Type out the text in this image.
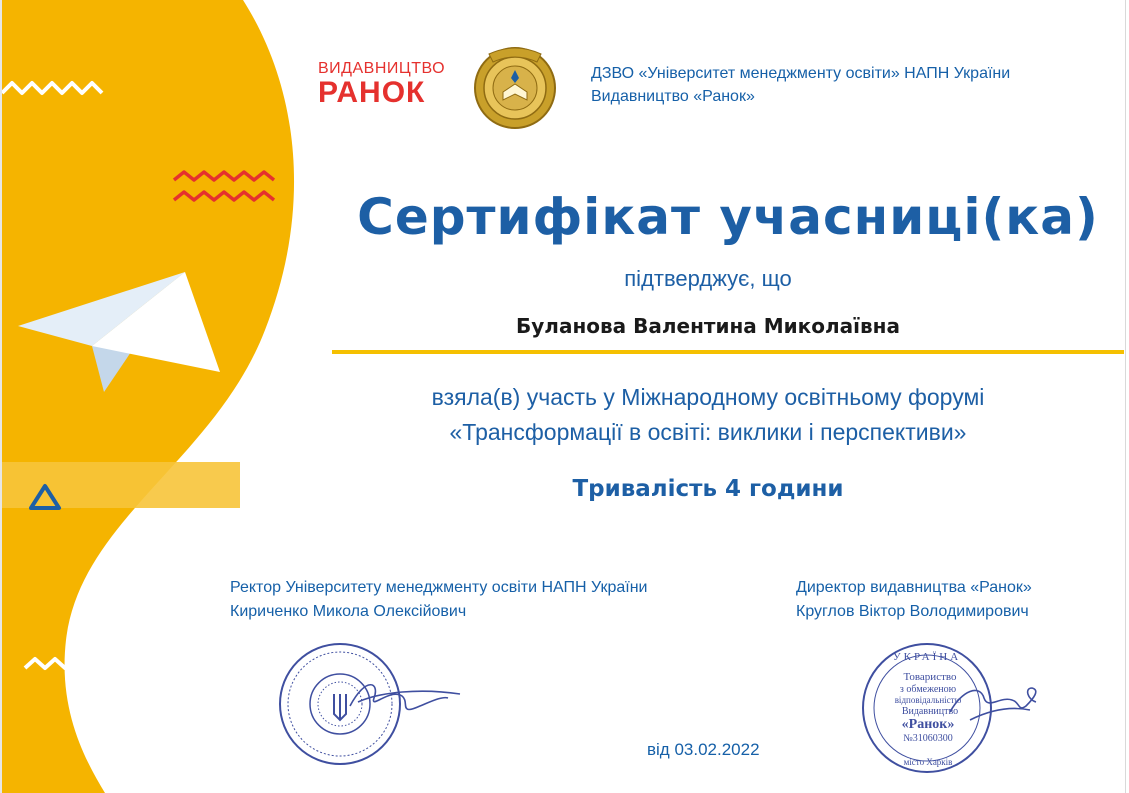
ВИДАВНИЦТВО
РАНОК
ДЗВО «Університет менеджменту освіти» НАПН України
Видавництво «Ранок»
Сертифікат учасниці(ка)
підтверджує, що
Буланова Валентина Миколаївна
взяла(в) участь у Міжнародному освітньому форумі
«Трансформації в освіті: виклики і перспективи»
Тривалість 4 години
Ректор Університету менеджменту освіти НАПН України
Кириченко Микола Олексійович
Директор видавництва «Ранок»
Круглов Віктор Володимирович
УКРАЇНА
Товариство
з обмеженою
відповідальністю
Видавництво
«Ранок»
№31060300
місто Харків
від 03.02.2022
